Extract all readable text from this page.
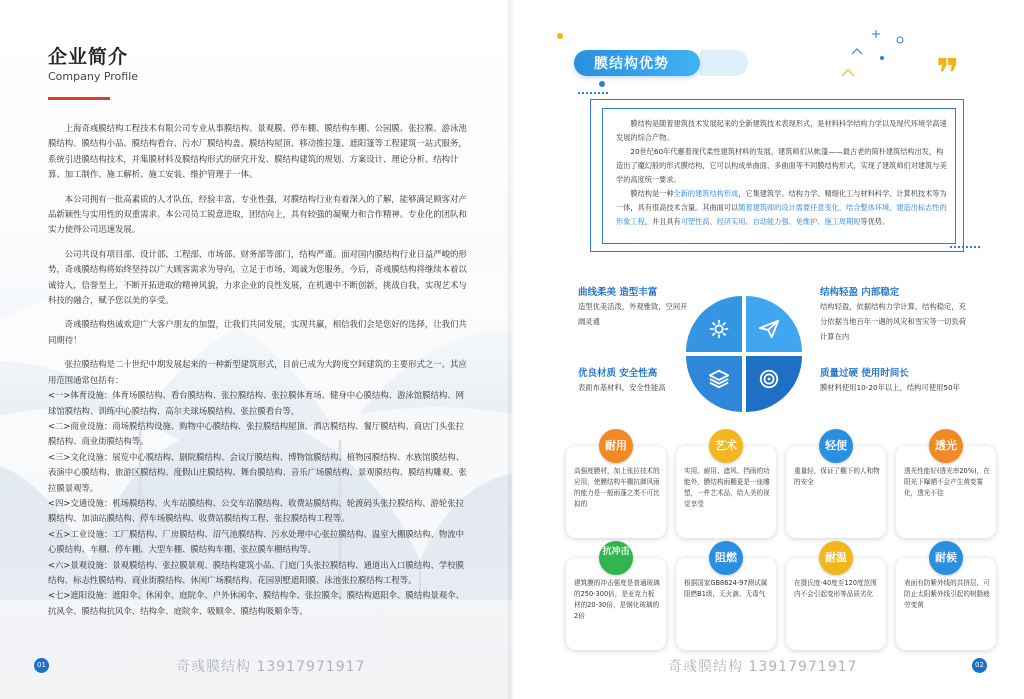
企业简介
Company Profile

上海奇彧膜结构工程技术有限公司专业从事膜结构、景观膜、停车棚、膜结构车棚、公园膜、张拉膜、游泳池膜结构、膜结构小品、膜结构看台、污水厂膜结构盖、膜结构屋顶、移动推拉篷、遮阳篷等工程建筑一站式服务，系统引进膜结构技术，并集膜材料及膜结构形式的研究开发、膜结构建筑的规划、方案设计、理论分析、结构计算、加工制作、施工解析、施工安装、维护管理于一体。

本公司拥有一批高素质的人才队伍，经验丰富，专业性强，对膜结构行业有着深入的了解，能够满足顾客对产品新颖性与实用性的双重需求。本公司员工锐意进取，团结向上，具有较强的凝聚力和合作精神。专业化的团队和实力使得公司迅速发展。

公司共设有项目部、设计部、工程部、市场部、财务部等部门，结构严谨。面对国内膜结构行业日益严峻的形势，奇彧膜结构将始终坚持以广大顾客需求为导向，立足于市场，竭诚为您服务。今后，奇彧膜结构将继续本着以诚待人，信誉至上，不断开拓进取的精神风貌，力求企业的良性发展，在机遇中不断创新，挑战自我，实现艺术与科技的融合，赋予您以美的享受。

奇彧膜结构热诚欢迎广大客户朋友的加盟，让我们共同发展，实现共赢，相信我们会是您好的选择，让我们共同期待！

张拉膜结构是二十世纪中期发展起来的一种新型建筑形式，目前已成为大跨度空间建筑的主要形式之一。其应用范围通常包括有：

<一>体育设施：体育场膜结构、看台膜结构、张拉膜结构、张拉膜体育场、健身中心膜结构、游泳馆膜结构、网球馆膜结构、训练中心膜结构、高尔夫球场膜结构、张拉膜看台等。

<二>商业设施：商场膜结构设施、购物中心膜结构、张拉膜结构屋顶、酒店膜结构、餐厅膜结构、商店门头张拉膜结构、商业街膜结构等。

<三>文化设施：展览中心膜结构、剧院膜结构、会议厅膜结构、博物馆膜结构、植物园膜结构、水族馆膜结构、表演中心膜结构、旅游区膜结构、度假山庄膜结构、舞台膜结构、音乐广场膜结构、景观膜结构、膜结构雕观、张拉膜景观等。

<四>交通设施：机场膜结构、火车站膜结构、公交车站膜结构、收费站膜结构、轮渡码头张拉膜结构、游轮张拉膜结构、加油站膜结构、停车场膜结构、收费站膜结构工程、张拉膜结构工程等。

<五>工业设施：工厂膜结构、厂房膜结构、沼气池膜结构、污水处理中心张拉膜结构、温室大棚膜结构、物流中心膜结构、车棚、停车棚、大型车棚、膜结构车棚、张拉膜车棚结构等。

<六>景观设施：景观膜结构、张拉膜景观、膜结构建筑小品、门庭门头张拉膜结构、通道出入口膜结构、学校膜结构、标志性膜结构、商业街膜结构、休闲广场膜结构、花园别墅遮阳膜、泳池张拉膜结构工程等。

<七>遮阳设施：遮阳伞、休闲伞、庭院伞、户外休闲伞、膜结构伞、张拉膜伞、膜结构遮阳伞、膜结构景观伞、抗风伞、膜结构抗风伞、结构伞、庭院伞、吸顺伞、膜结构吸顺伞等。

01	奇彧膜结构 13917971917
膜结构优势	❞

膜结构是随着建筑技术发展起来的全新建筑技术表现形式，是材料科学结构力学以及现代环境学高速发展的综合产物。

20世纪60年代邂着现代柔性建筑材料的发展，建筑师们从帐篷——最古老的简朴建筑结构出发，构造出了魔幻般的形式膜结构，它可以构成单曲面、多曲面等不同膜结构形式，实现了建筑师们对建筑与美学的高度统一要求。

膜结构是一种全新的建筑结构形成，它集建筑学、结构力学、精细化工与材料科学、计算机技术等为一体，具有很高技术含量。其曲面可以随着建筑师的设计需要任意变化，结合整体环境，建造出标志性的形象工程，并且具有可塑性高、经济实用、自动能力强、免维护、施工周期短等优势。

曲线柔美 造型丰富
造型优美活泼，外观雅致，空间开阔灵通
结构轻盈 内部稳定
结构轻盈，依据结构力学计算，结构稳定，充分依据当地百年一遇的风灾和雪灾等一切负荷计算在内
优良材质 安全性高
表面布基材料，安全性能高
质量过硬 使用时间长
膜材料使用10-20年以上，结构可使用50年
高强度膜材，加上张拉技术的应用，使膜结构车棚抗御风雨的能力是一般雨蓬之类不可比拟的
耐用
实用、耐用、遮风、挡雨的功能外，膜结构雨棚更是一座雕塑，一件艺术品，给人美的视觉享受
艺术
重量轻，保证了棚下的人和物的安全
轻便
透光性能好(透光率20%)，在阳光下曝晒不会产生黄变雾化，透光不佳
透光
建筑膜的冲击强度是普通玻璃的250-300倍，是亚克力板材的20-30倍，是钢化玻璃的2倍
抗冲击
根据国家GB8624-97测试属阻燃B1级，无火滴、无毒气
阻燃
在摄氏度-40度至120度范围内不会引起变形等品质劣化
耐温
表面有防紫外线的共挤层，可防止太阳紫外线引起的树脂疲劳变黄
耐候
02
奇彧膜结构 13917971917
